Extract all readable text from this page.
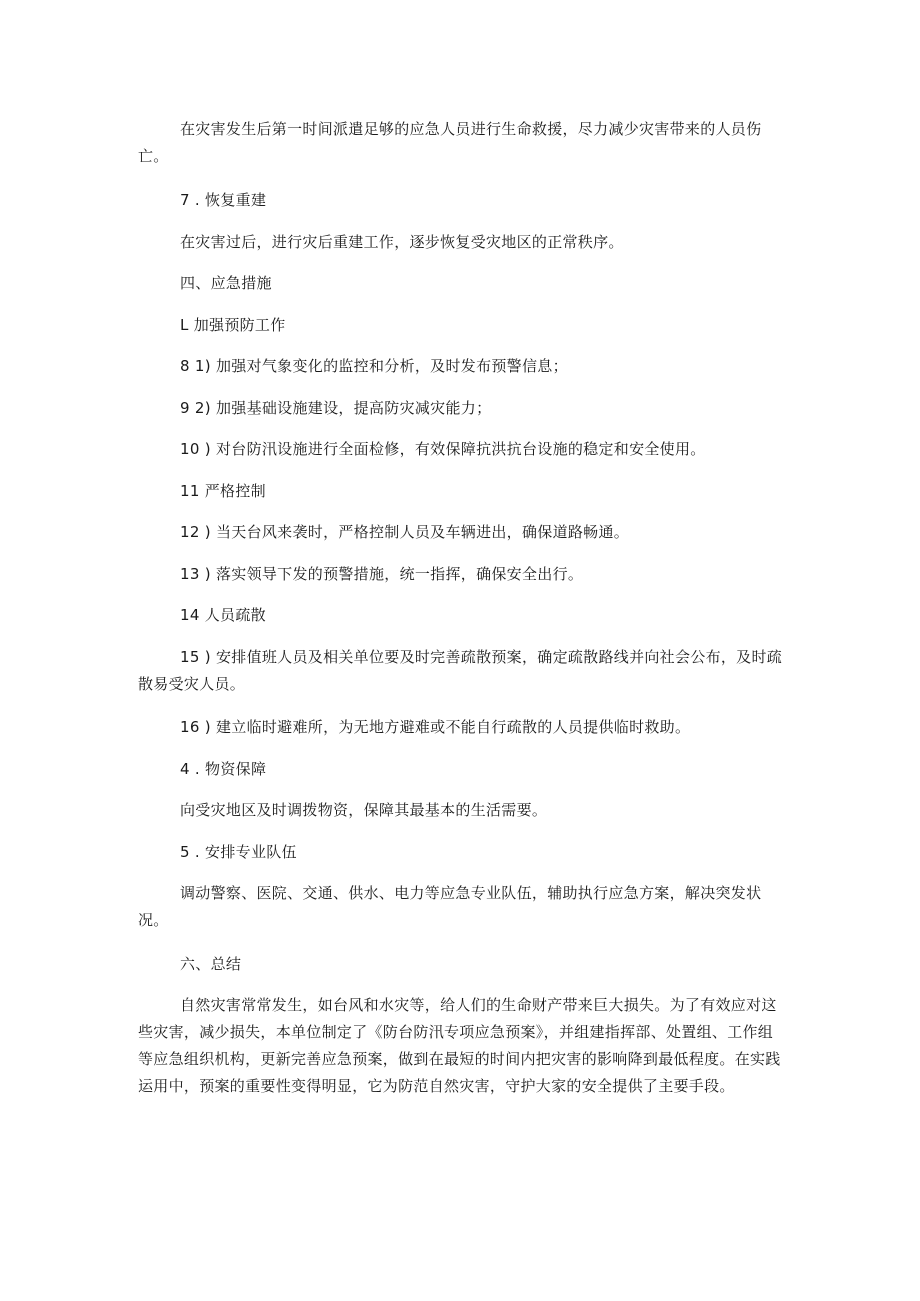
在灾害发生后第一时间派遣足够的应急人员进行生命救援，尽力减少灾害带来的人员伤亡。

7 . 恢复重建

在灾害过后，进行灾后重建工作，逐步恢复受灾地区的正常秩序。

四、应急措施

L 加强预防工作

8 1) 加强对气象变化的监控和分析，及时发布预警信息；

9 2) 加强基础设施建设，提高防灾减灾能力；

10 ) 对台防汛设施进行全面检修，有效保障抗洪抗台设施的稳定和安全使用。

11 严格控制

12 ) 当天台风来袭时，严格控制人员及车辆进出，确保道路畅通。

13 ) 落实领导下发的预警措施，统一指挥，确保安全出行。

14 人员疏散

15 ) 安排值班人员及相关单位要及时完善疏散预案，确定疏散路线并向社会公布，及时疏散易受灾人员。

16 ) 建立临时避难所，为无地方避难或不能自行疏散的人员提供临时救助。

4 . 物资保障

向受灾地区及时调拨物资，保障其最基本的生活需要。

5 . 安排专业队伍

调动警察、医院、交通、供水、电力等应急专业队伍，辅助执行应急方案，解决突发状况。

六、总结

自然灾害常常发生，如台风和水灾等，给人们的生命财产带来巨大损失。为了有效应对这些灾害，减少损失，本单位制定了《防台防汛专项应急预案》，并组建指挥部、处置组、工作组等应急组织机构，更新完善应急预案，做到在最短的时间内把灾害的影响降到最低程度。在实践运用中，预案的重要性变得明显，它为防范自然灾害，守护大家的安全提供了主要手段。
